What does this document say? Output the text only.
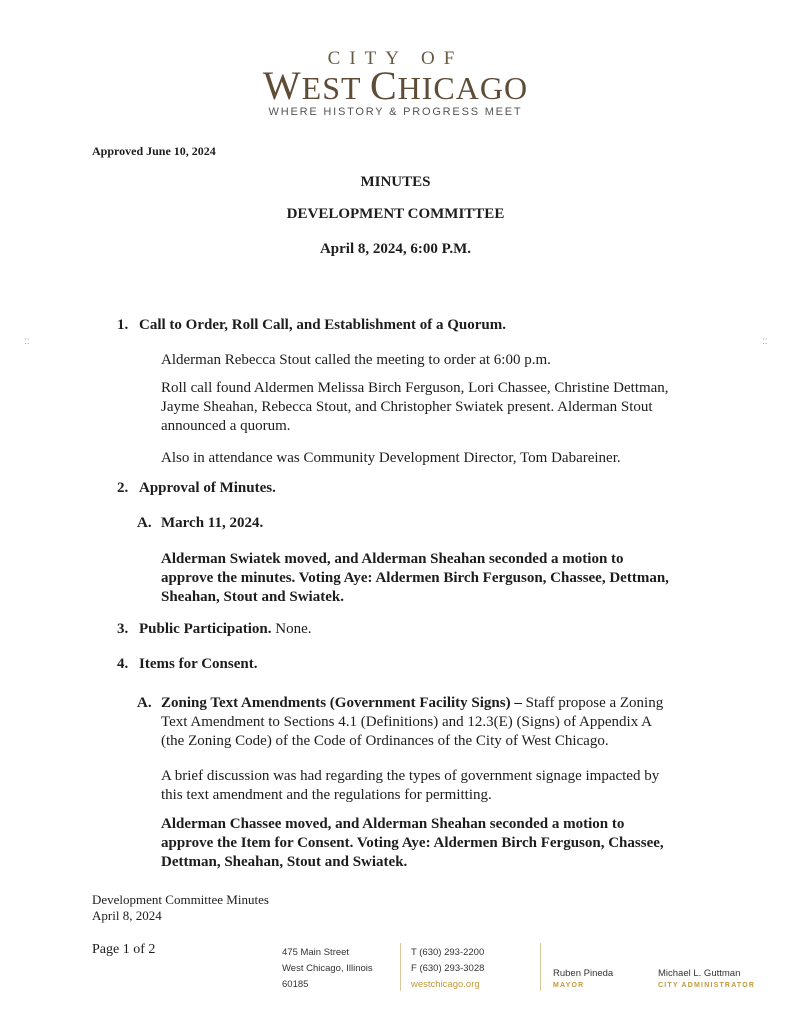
CITY OF
WEST CHICAGO
WHERE HISTORY & PROGRESS MEET
Approved June 10, 2024
MINUTES
DEVELOPMENT COMMITTEE
April 8, 2024, 6:00 P.M.
::	::
1. Call to Order, Roll Call, and Establishment of a Quorum.
Alderman Rebecca Stout called the meeting to order at 6:00 p.m.
Roll call found Aldermen Melissa Birch Ferguson, Lori Chassee, Christine Dettman,
Jayme Sheahan, Rebecca Stout, and Christopher Swiatek present. Alderman Stout
announced a quorum.
Also in attendance was Community Development Director, Tom Dabareiner.
2. Approval of Minutes.
A. March 11, 2024.
Alderman Swiatek moved, and Alderman Sheahan seconded a motion to
approve the minutes. Voting Aye: Aldermen Birch Ferguson, Chassee, Dettman,
Sheahan, Stout and Swiatek.
3. Public Participation. None.
4. Items for Consent.
A. Zoning Text Amendments (Government Facility Signs) – Staff propose a Zoning
Text Amendment to Sections 4.1 (Definitions) and 12.3(E) (Signs) of Appendix A
(the Zoning Code) of the Code of Ordinances of the City of West Chicago.
A brief discussion was had regarding the types of government signage impacted by
this text amendment and the regulations for permitting.
Alderman Chassee moved, and Alderman Sheahan seconded a motion to
approve the Item for Consent. Voting Aye: Aldermen Birch Ferguson, Chassee,
Dettman, Sheahan, Stout and Swiatek.
Development Committee Minutes
April 8, 2024
Page 1 of 2	475 Main Street
West Chicago, Illinois
60185
T (630) 293-2200
F (630) 293-3028
westchicago.org
Ruben Pineda
MAYOR
Michael L. Guttman
CITY ADMINISTRATOR
